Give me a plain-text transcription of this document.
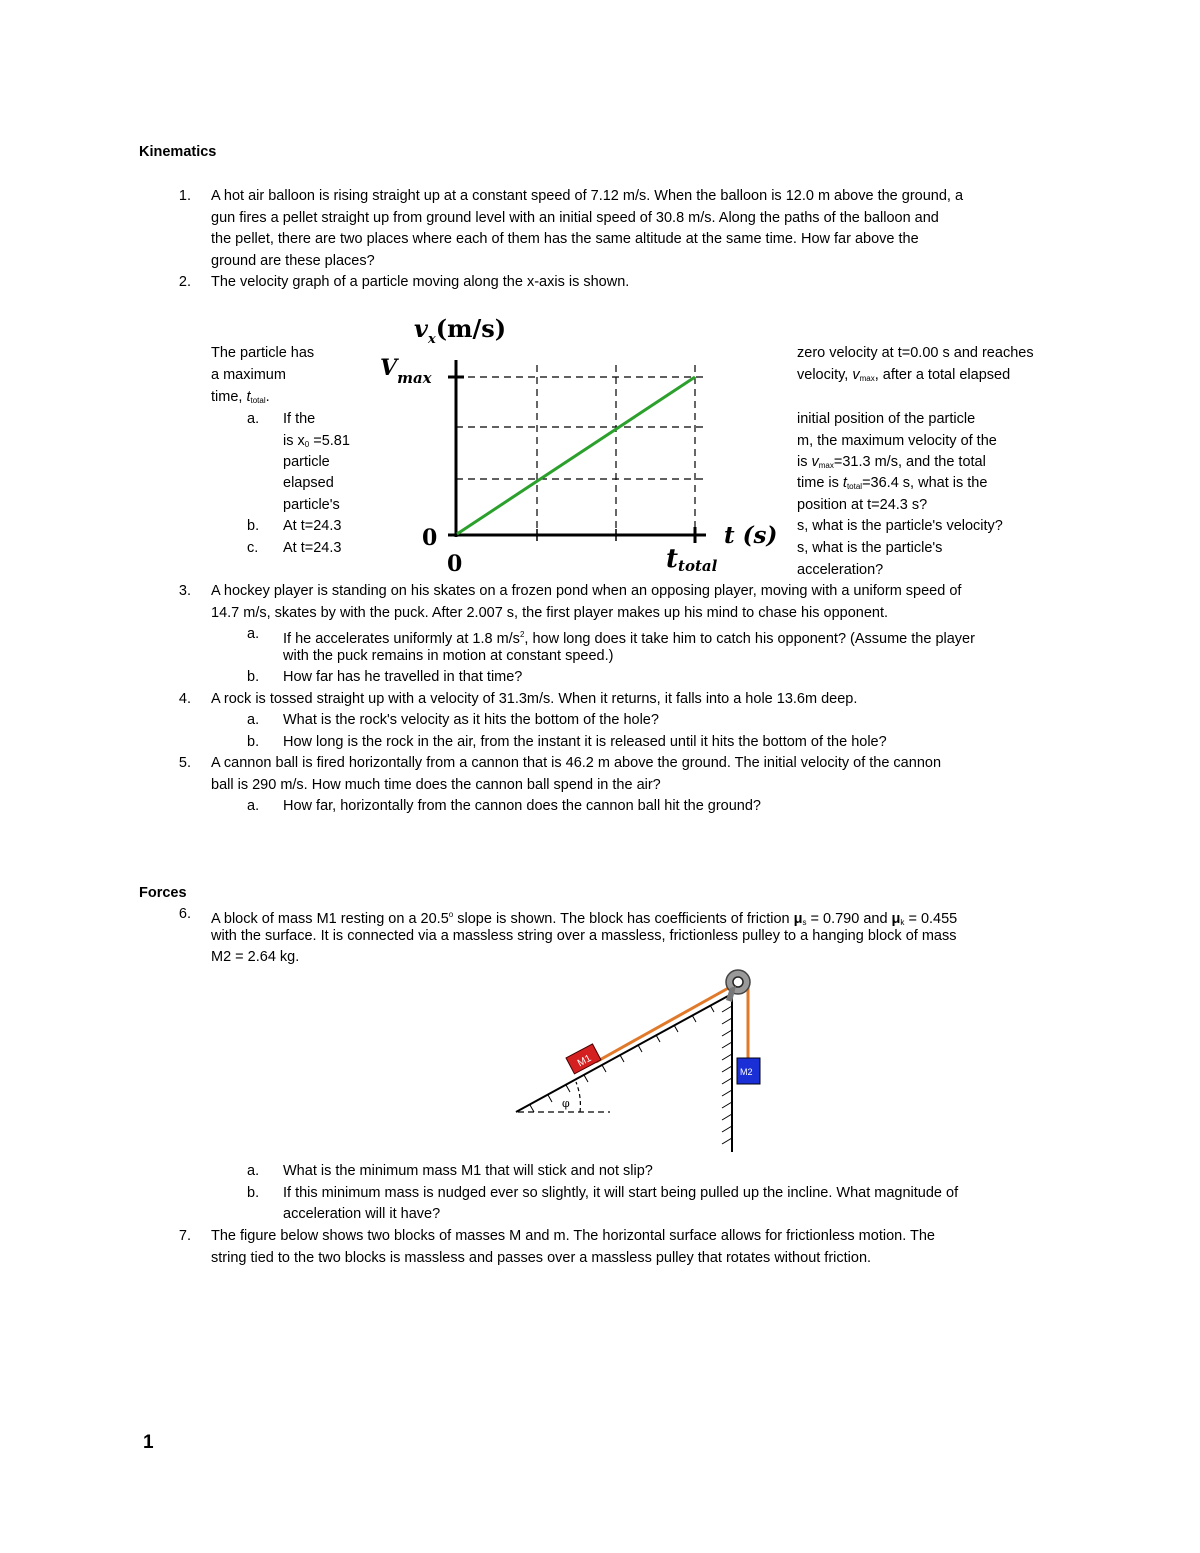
Kinematics
1. A hot air balloon is rising straight up at a constant speed of 7.12 m/s. When the balloon is 12.0 m above the ground, a
gun fires a pellet straight up from ground level with an initial speed of 30.8 m/s. Along the paths of the balloon and
the pellet, there are two places where each of them has the same altitude at the same time. How far above the
ground are these places?
2. The velocity graph of a particle moving along the x-axis is shown.
The particle has
a maximum
time, $t_{total}$.
a. If the
is $x_0 =5.81$
particle
elapsed
particle's
b. At t=24.3
c. At t=24.3
zero velocity at t=0.00 s and reaches
velocity, $v_{max}$, after a total elapsed
initial position of the particle
m, the maximum velocity of the
is $v_{max}=31.3$ m/s, and the total
time is $t_{total}=36.4$ s, what is the
position at t=24.3 s?
s, what is the particle's velocity?
s, what is the particle's
acceleration?
$v_x(m/s)$
$V_{max}$
0
0
t (s)
ttotal
3. A hockey player is standing on his skates on a frozen pond when an opposing player, moving with a uniform speed of
14.7 m/s, skates by with the puck. After 2.007 s, the first player makes up his mind to chase his opponent.
a. If he accelerates uniformly at 1.8 $m/s^2$, how long does it take him to catch his opponent? (Assume the player
with the puck remains in motion at constant speed.)
b. How far has he travelled in that time?
4. A rock is tossed straight up with a velocity of 31.3m/s. When it returns, it falls into a hole 13.6m deep.
a. What is the rock's velocity as it hits the bottom of the hole?
b. How long is the rock in the air, from the instant it is released until it hits the bottom of the hole?
5. A cannon ball is fired horizontally from a cannon that is 46.2 m above the ground. The initial velocity of the cannon
ball is 290 m/s. How much time does the cannon ball spend in the air?
a. How far, horizontally from the cannon does the cannon ball hit the ground?
Forces
6. A block of mass M1 resting on a 20.5$^o$ slope is shown. The block has coefficients of friction $\mu_s = 0.790$ and $\mu_k = 0.455$
with the surface. It is connected via a massless string over a massless, frictionless pulley to a hanging block of mass
M2 = 2.64 kg.
φ
M1
M2
a. What is the minimum mass M1 that will stick and not slip?
b. If this minimum mass is nudged ever so slightly, it will start being pulled up the incline. What magnitude of
acceleration will it have?
7. The figure below shows two blocks of masses M and m. The horizontal surface allows for frictionless motion. The
string tied to the two blocks is massless and passes over a massless pulley that rotates without friction.
1
